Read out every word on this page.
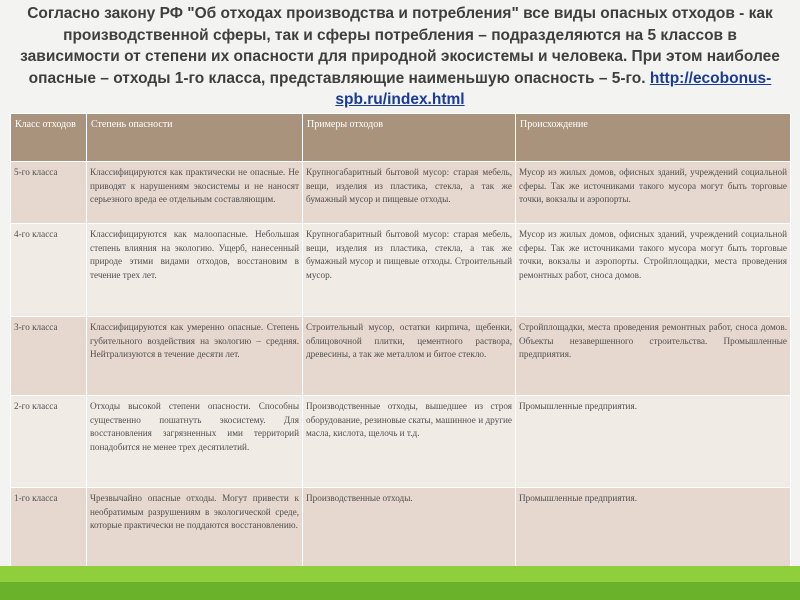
Согласно закону РФ "Об отходах производства и потребления" все виды опасных отходов - как производственной сферы, так и сферы потребления – подразделяются на 5 классов в зависимости от степени их опасности для природной экосистемы и человека. При этом наиболее опасные – отходы 1-го класса, представляющие наименьшую опасность – 5-го. http://ecobonus-spb.ru/index.html
Класс отходов	Степень опасности	Примеры отходов	Происхождение
5-го класса	Классифицируются как практически не опасные. Не приводят к нарушениям экосистемы и не наносят серьезного вреда ее отдельным составляющим.	Крупногабаритный бытовой мусор: старая мебель, вещи, изделия из пластика, стекла, а так же бумажный мусор и пищевые отходы.	Мусор из жилых домов, офисных зданий, учреждений социальной сферы. Так же источниками такого мусора могут быть торговые точки, вокзалы и аэропорты.
4-го класса	Классифицируются как малоопасные. Небольшая степень влияния на экологию. Ущерб, нанесенный природе этими видами отходов, восстановим в течение трех лет.	Крупногабаритный бытовой мусор: старая мебель, вещи, изделия из пластика, стекла, а так же бумажный мусор и пищевые отходы. Строительный мусор.	Мусор из жилых домов, офисных зданий, учреждений социальной сферы. Так же источниками такого мусора могут быть торговые точки, вокзалы и аэропорты. Стройплощадки, места проведения ремонтных работ, сноса домов.
3-го класса	Классифицируются как умеренно опасные. Степень губительного воздействия на экологию – средняя. Нейтрализуются в течение десяти лет.	Строительный мусор, остатки кирпича, щебенки, облицовочной плитки, цементного раствора, древесины, а так же металлом и битое стекло.	Стройплощадки, места проведения ремонтных работ, сноса домов. Объекты незавершенного строительства. Промышленные предприятия.
2-го класса	Отходы высокой степени опасности. Способны существенно пошатнуть экосистему. Для восстановления загрязненных ими территорий понадобится не менее трех десятилетий.	Производственные отходы, вышедшее из строя оборудование, резиновые скаты, машинное и другие масла, кислота, щелочь и т.д.	Промышленные предприятия.
1-го класса	Чрезвычайно опасные отходы. Могут привести к необратимым разрушениям в экологической среде, которые практически не поддаются восстановлению.	Производственные отходы.	Промышленные предприятия.
